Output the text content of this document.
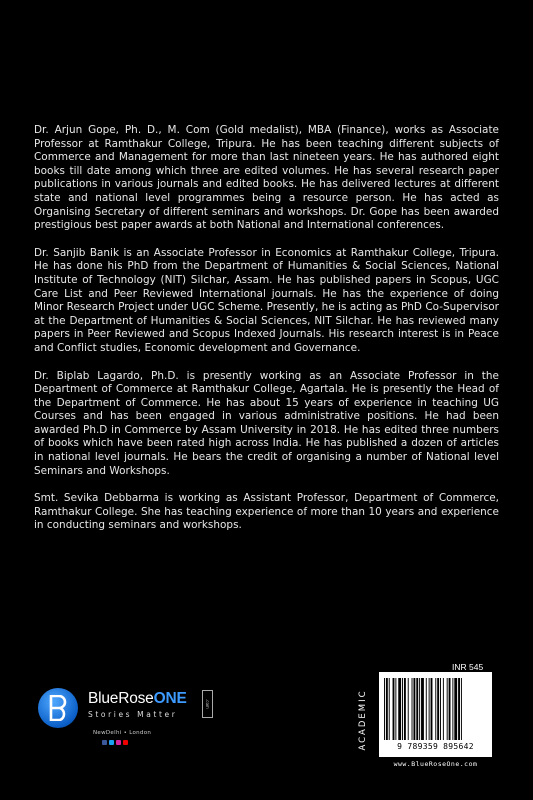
Dr. Arjun Gope, Ph. D., M. Com (Gold medalist), MBA (Finance), works as Associate Professor at Ramthakur College, Tripura. He has been teaching different subjects of Commerce and Management for more than last nineteen years. He has authored eight books till date among which three are edited volumes. He has several research paper publications in various journals and edited books. He has delivered lectures at different state and national level programmes being a resource person. He has acted as Organising Secretary of different seminars and workshops. Dr. Gope has been awarded prestigious best paper awards at both National and International conferences.

Dr. Sanjib Banik is an Associate Professor in Economics at Ramthakur College, Tripura. He has done his PhD from the Department of Humanities & Social Sciences, National Institute of Technology (NIT) Silchar, Assam. He has published papers in Scopus, UGC Care List and Peer Reviewed International journals. He has the experience of doing Minor Research Project under UGC Scheme. Presently, he is acting as PhD Co-Supervisor at the Department of Humanities & Social Sciences, NIT Silchar. He has reviewed many papers in Peer Reviewed and Scopus Indexed Journals. His research interest is in Peace and Conflict studies, Economic development and Governance.

Dr. Biplab Lagardo, Ph.D. is presently working as an Associate Professor in the Department of Commerce at Ramthakur College, Agartala. He is presently the Head of the Department of Commerce. He has about 15 years of experience in teaching UG Courses and has been engaged in various administrative positions. He had been awarded Ph.D in Commerce by Assam University in 2018. He has edited three numbers of books which have been rated high across India. He has published a dozen of articles in national level journals. He bears the credit of organising a number of National level Seminars and Workshops.

Smt. Sevika Debbarma is working as Assistant Professor, Department of Commerce, Ramthakur College. She has teaching experience of more than 10 years and experience in conducting seminars and workshops.

BlueRoseONE	.com
Stories Matter
NewDelhi • London
INR 545
ACADEMIC	9 789359 895642
www.BlueRoseOne.com
